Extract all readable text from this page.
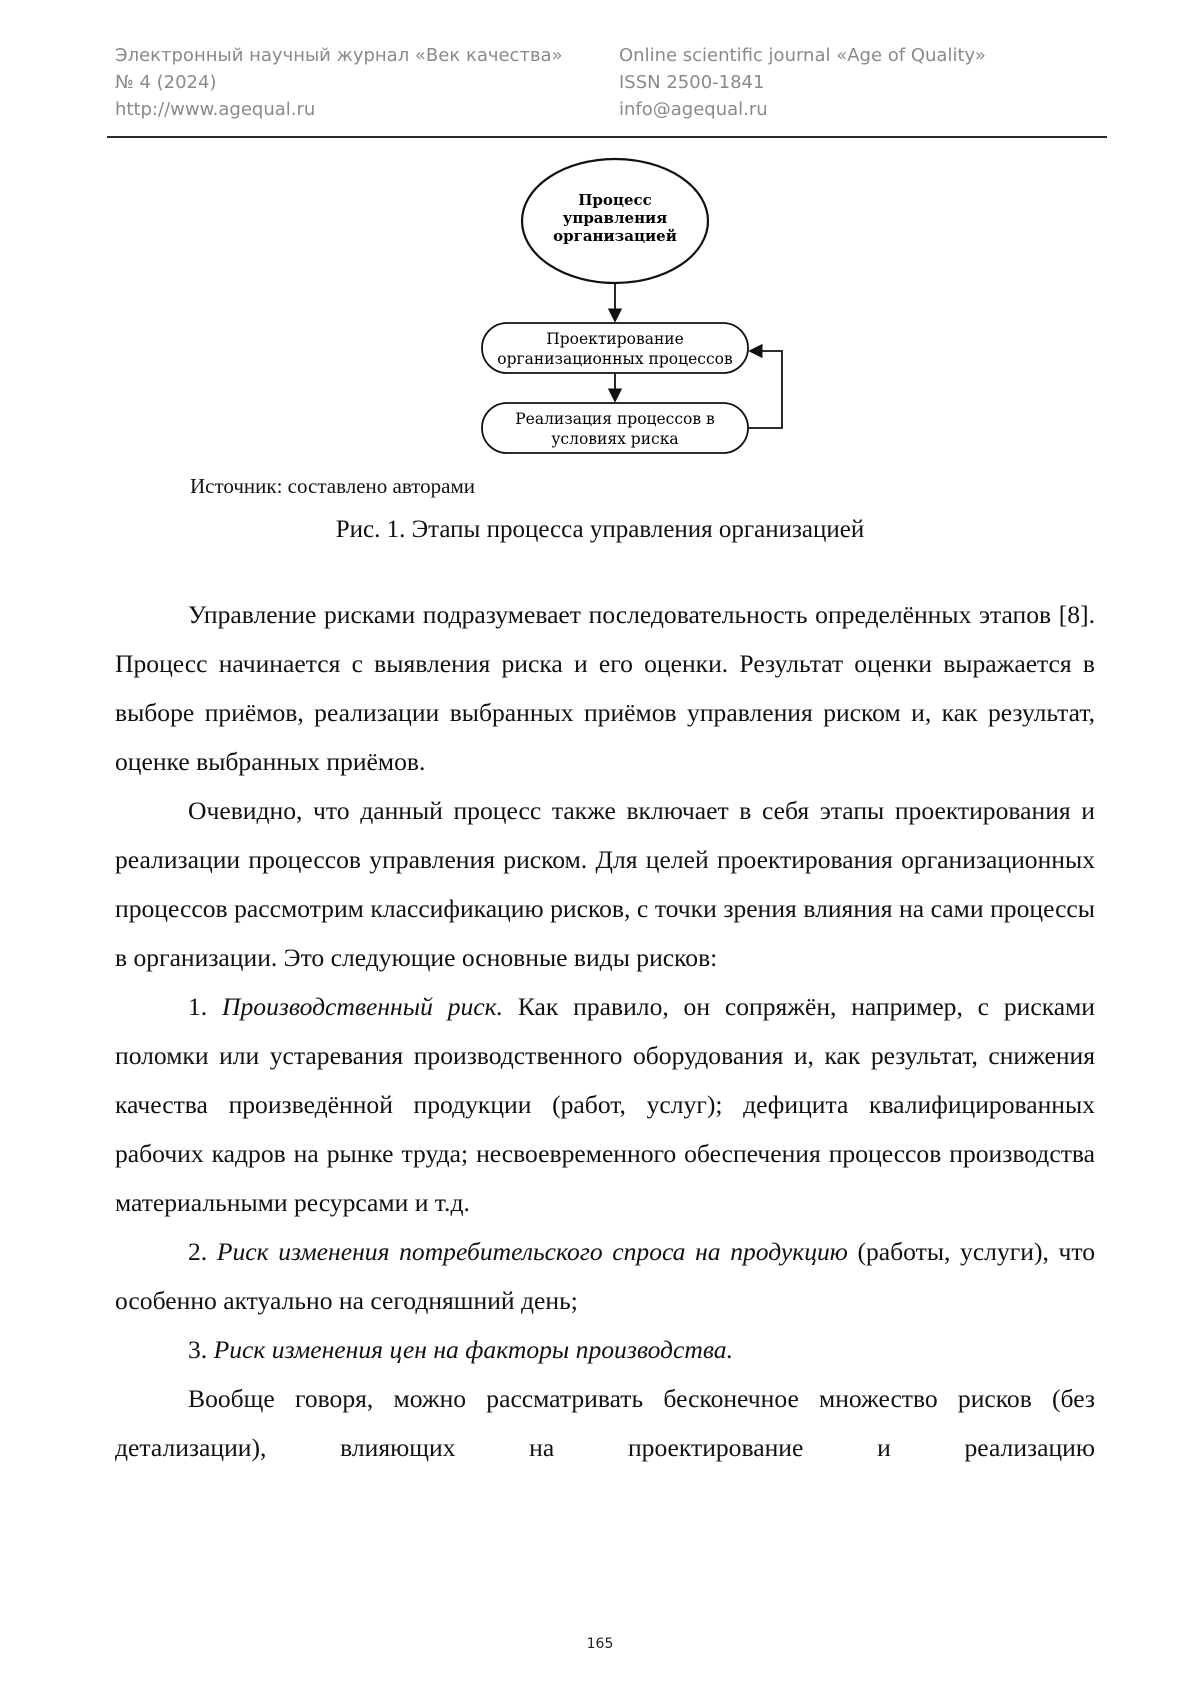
Электронный научный журнал «Век качества»
№ 4 (2024)
http://www.agequal.ru
Online scientific journal «Age of Quality»
ISSN 2500-1841
info@agequal.ru
Процесс
управления
организацией
Проектирование
организационных процессов
Реализация процессов в
условиях риска
Источник: составлено авторами
Рис. 1. Этапы процесса управления организацией

Управление рисками подразумевает последовательность определённых этапов [8]. Процесс начинается с выявления риска и его оценки. Результат оценки выражается в выборе приёмов, реализации выбранных приёмов управления риском и, как результат, оценке выбранных приёмов.

Очевидно, что данный процесс также включает в себя этапы проектирования и реализации процессов управления риском. Для целей проектирования организационных процессов рассмотрим классификацию рисков, с точки зрения влияния на сами процессы в организации. Это следующие основные виды рисков:

1. Производственный риск. Как правило, он сопряжён, например, с рисками поломки или устаревания производственного оборудования и, как результат, снижения качества произведённой продукции (работ, услуг); дефицита квалифицированных рабочих кадров на рынке труда; несвоевременного обеспечения процессов производства материальными ресурсами и т.д.

2. Риск изменения потребительского спроса на продукцию (работы, услуги), что особенно актуально на сегодняшний день;

3. Риск изменения цен на факторы производства.

Вообще говоря, можно рассматривать бесконечное множество рисков (без детализации), влияющих на проектирование и реализацию

165
